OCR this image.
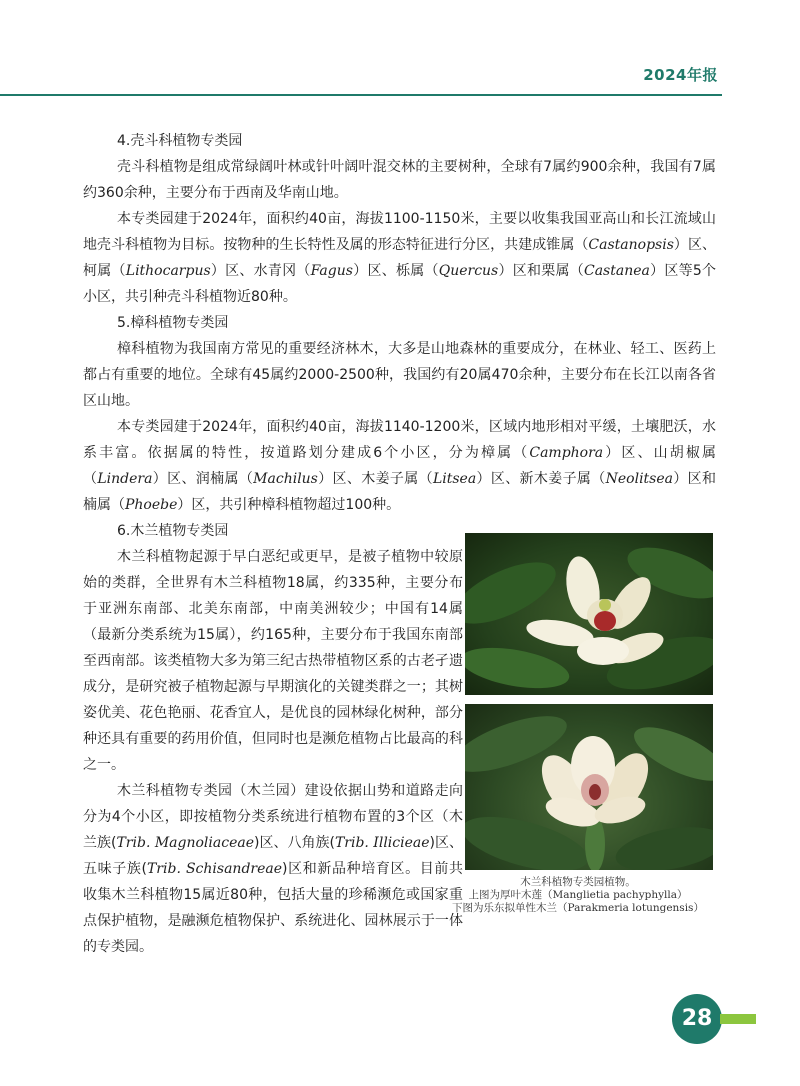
2024年报

4.壳斗科植物专类园

壳斗科植物是组成常绿阔叶林或针叶阔叶混交林的主要树种，全球有7属约900余种，我国有7属约360余种，主要分布于西南及华南山地。

本专类园建于2024年，面积约40亩，海拔1100-1150米，主要以收集我国亚高山和长江流域山地壳斗科植物为目标。按物种的生长特性及属的形态特征进行分区，共建成锥属（Castanopsis）区、柯属（Lithocarpus）区、水青冈（Fagus）区、栎属（Quercus）区和栗属（Castanea）区等5个小区，共引种壳斗科植物近80种。

5.樟科植物专类园

樟科植物为我国南方常见的重要经济林木，大多是山地森林的重要成分，在林业、轻工、医药上都占有重要的地位。全球有45属约2000-2500种，我国约有20属470余种，主要分布在长江以南各省区山地。

本专类园建于2024年，面积约40亩，海拔1140-1200米，区域内地形相对平缓，土壤肥沃，水系丰富。依据属的特性，按道路划分建成6个小区，分为樟属（Camphora）区、山胡椒属（Lindera）区、润楠属（Machilus）区、木姜子属（Litsea）区、新木姜子属（Neolitsea）区和楠属（Phoebe）区，共引种樟科植物超过100种。

6.木兰植物专类园

木兰科植物起源于早白恶纪或更早，是被子植物中较原始的类群，全世界有木兰科植物18属，约335种，主要分布于亚洲东南部、北美东南部，中南美洲较少；中国有14属（最新分类系统为15属），约165种，主要分布于我国东南部至西南部。该类植物大多为第三纪古热带植物区系的古老孑遗成分，是研究被子植物起源与早期演化的关键类群之一；其树姿优美、花色艳丽、花香宜人，是优良的园林绿化树种，部分种还具有重要的药用价值，但同时也是濒危植物占比最高的科之一。

木兰科植物专类园（木兰园）建设依据山势和道路走向分为4个小区，即按植物分类系统进行植物布置的3个区（木兰族(Trib. Magnoliaceae)区、八角族(Trib. Illicieae)区、五味子族(Trib. Schisandreae)区和新品种培育区。目前共收集木兰科植物15属近80种，包括大量的珍稀濒危或国家重点保护植物，是融濒危植物保护、系统进化、园林展示于一体的专类园。

木兰科植物专类园植物。
上图为厚叶木莲（Manglietia pachyphylla）
下图为乐东拟单性木兰（Parakmeria lotungensis）
28
